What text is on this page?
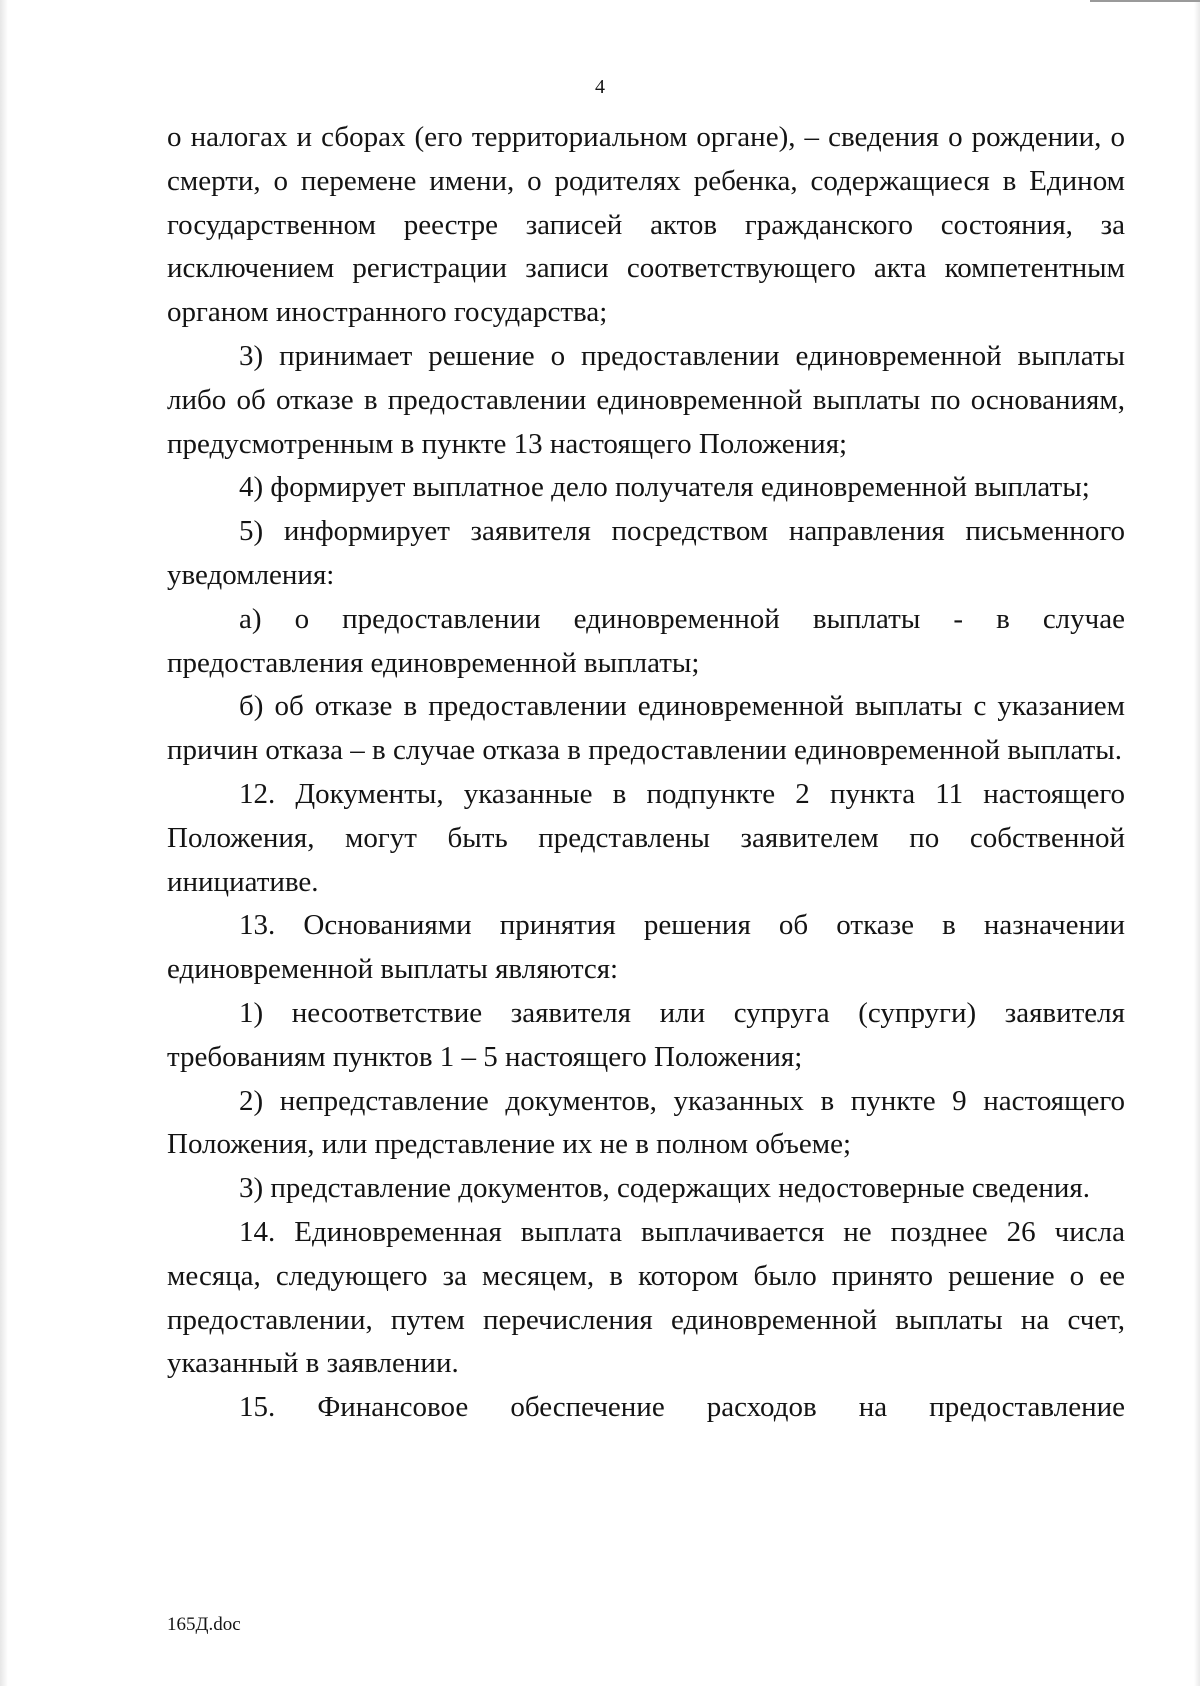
4

о налогах и сборах (его территориальном органе), – сведения о рождении, о смерти, о перемене имени, о родителях ребенка, содержащиеся в Едином государственном реестре записей актов гражданского состояния, за исключением регистрации записи соответствующего акта компетентным органом иностранного государства;

3) принимает решение о предоставлении единовременной выплаты либо об отказе в предоставлении единовременной выплаты по основаниям, предусмотренным в пункте 13 настоящего Положения;

4) формирует выплатное дело получателя единовременной выплаты;

5) информирует заявителя посредством направления письменного уведомления:

а) о предоставлении единовременной выплаты - в случае предоставления единовременной выплаты;

б) об отказе в предоставлении единовременной выплаты с указанием причин отказа – в случае отказа в предоставлении единовременной выплаты.

12. Документы, указанные в подпункте 2 пункта 11 настоящего Положения, могут быть представлены заявителем по собственной инициативе.

13. Основаниями принятия решения об отказе в назначении единовременной выплаты являются:

1) несоответствие заявителя или супруга (супруги) заявителя требованиям пунктов 1 – 5 настоящего Положения;

2) непредставление документов, указанных в пункте 9 настоящего Положения, или представление их не в полном объеме;

3) представление документов, содержащих недостоверные сведения.

14. Единовременная выплата выплачивается не позднее 26 числа месяца, следующего за месяцем, в котором было принято решение о ее предоставлении, путем перечисления единовременной выплаты на счет, указанный в заявлении.

15. Финансовое обеспечение расходов на предоставление

165Д.doc
